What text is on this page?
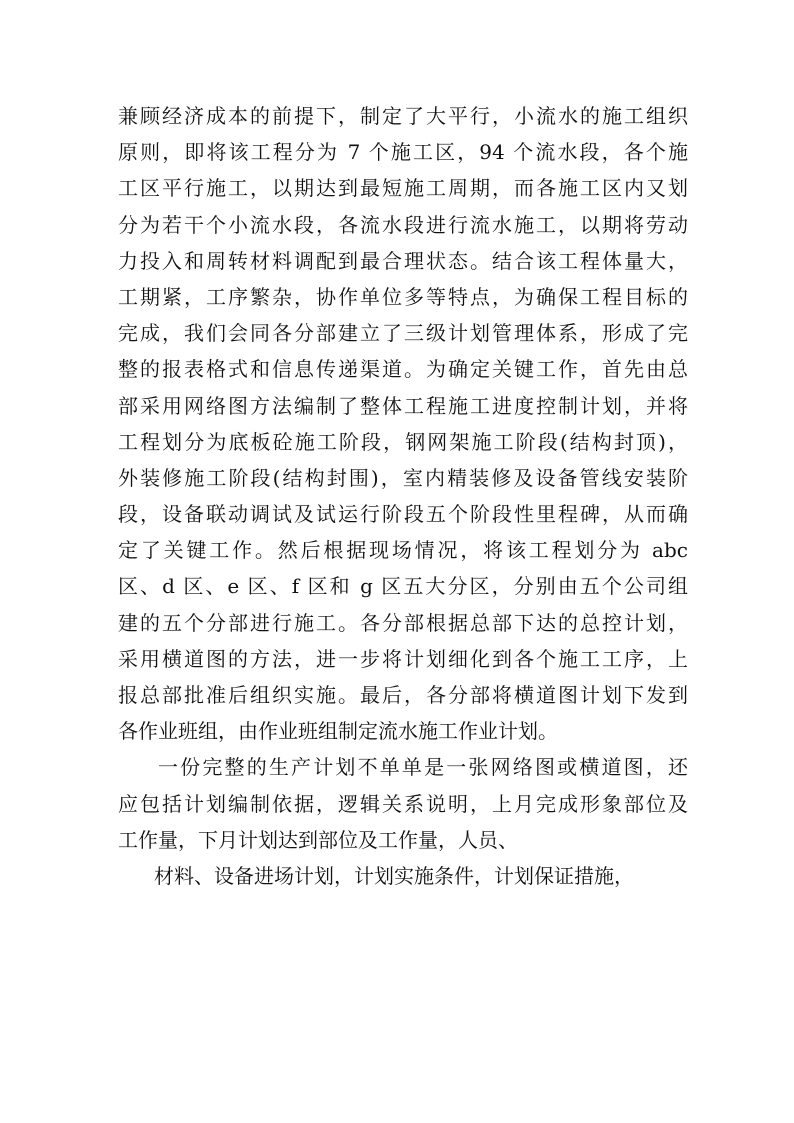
兼顾经济成本的前提下，制定了大平行，小流水的施工组织
原则，即将该工程分为 7 个施工区，94 个流水段，各个施
工区平行施工，以期达到最短施工周期，而各施工区内又划
分为若干个小流水段，各流水段进行流水施工，以期将劳动
力投入和周转材料调配到最合理状态。结合该工程体量大，
工期紧，工序繁杂，协作单位多等特点，为确保工程目标的
完成，我们会同各分部建立了三级计划管理体系，形成了完
整的报表格式和信息传递渠道。为确定关键工作，首先由总
部采用网络图方法编制了整体工程施工进度控制计划，并将
工程划分为底板砼施工阶段，钢网架施工阶段(结构封顶)，
外装修施工阶段(结构封围)，室内精装修及设备管线安装阶
段，设备联动调试及试运行阶段五个阶段性里程碑，从而确
定了关键工作。然后根据现场情况，将该工程划分为 abc
区、d 区、e 区、f 区和 g 区五大分区，分别由五个公司组
建的五个分部进行施工。各分部根据总部下达的总控计划，
采用横道图的方法，进一步将计划细化到各个施工工序，上
报总部批准后组织实施。最后，各分部将横道图计划下发到
各作业班组，由作业班组制定流水施工作业计划。
一份完整的生产计划不单单是一张网络图或横道图，还
应包括计划编制依据，逻辑关系说明，上月完成形象部位及
工作量，下月计划达到部位及工作量，人员、
材料、设备进场计划，计划实施条件，计划保证措施，
